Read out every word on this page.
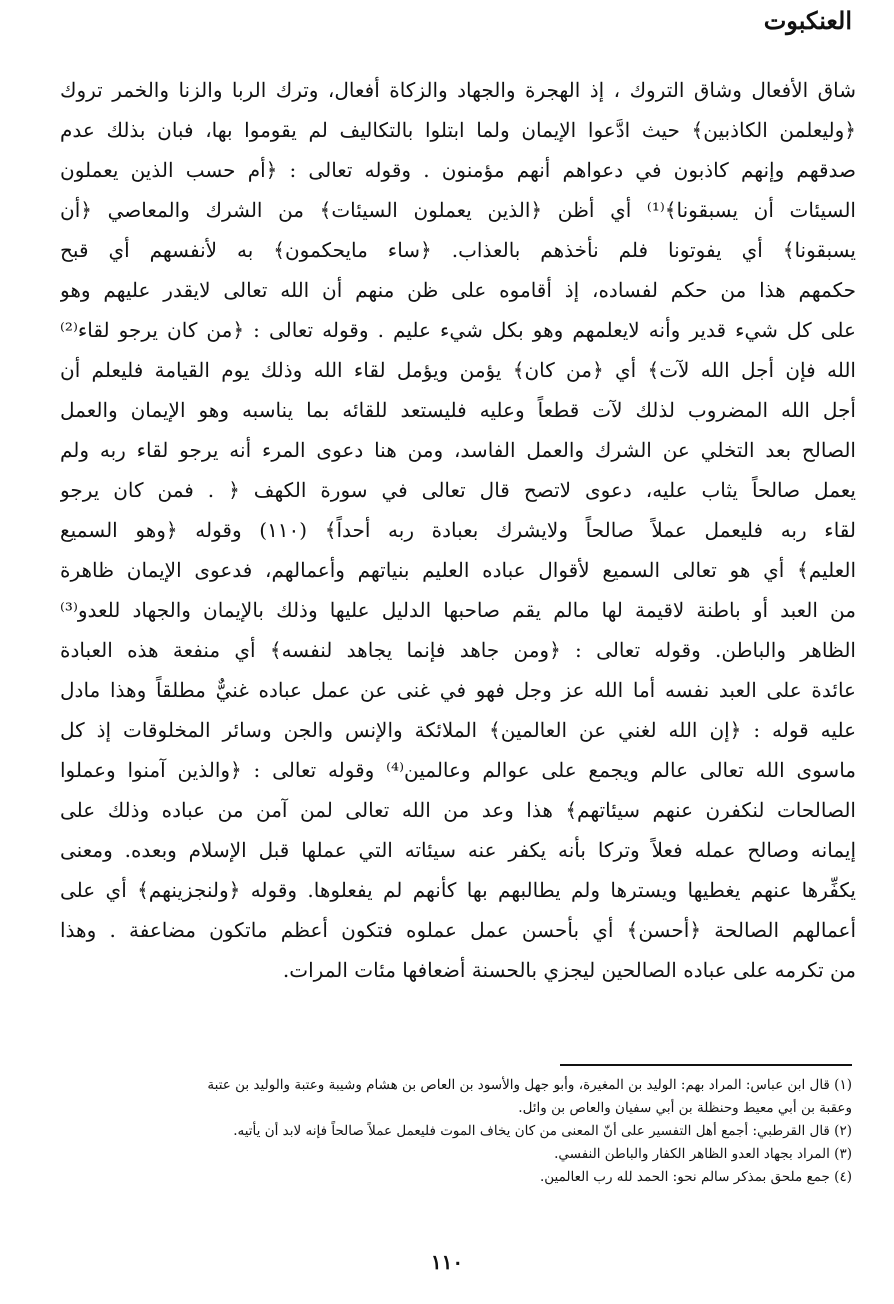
العنكبوت
شاق الأفعال وشاق التروك ، إذ الهجرة والجهاد والزكاة أفعال، وترك الربا والزنا والخمر تروك
﴿وليعلمن الكاذبين﴾ حيث ادَّعوا الإيمان ولما ابتلوا بالتكاليف لم يقوموا بها، فبان بذلك عدم
صدقهم وإنهم كاذبون في دعواهم أنهم مؤمنون . وقوله تعالى : ﴿أم حسب الذين يعملون
السيئات أن يسبقونا﴾⁽¹⁾ أي أظن ﴿الذين يعملون السيئات﴾ من الشرك والمعاصي ﴿أن
يسبقونا﴾ أي يفوتونا فلم نأخذهم بالعذاب. ﴿ساء مايحكمون﴾ به لأنفسهم أي قبح
حكمهم هذا من حكم لفساده، إذ أقاموه على ظن منهم أن الله تعالى لايقدر عليهم وهو
على كل شيء قدير وأنه لايعلمهم وهو بكل شيء عليم . وقوله تعالى : ﴿من كان يرجو لقاء⁽²⁾
الله فإن أجل الله لآت﴾ أي ﴿من كان﴾ يؤمن ويؤمل لقاء الله وذلك يوم القيامة فليعلم أن
أجل الله المضروب لذلك لآت قطعاً وعليه فليستعد للقائه بما يناسبه وهو الإيمان والعمل
الصالح بعد التخلي عن الشرك والعمل الفاسد، ومن هنا دعوى المرء أنه يرجو لقاء ربه ولم
يعمل صالحاً يثاب عليه، دعوى لاتصح قال تعالى في سورة الكهف ﴿ . فمن كان يرجو
لقاء ربه فليعمل عملاً صالحاً ولايشرك بعبادة ربه أحداً﴾ (١١٠) وقوله ﴿وهو السميع
العليم﴾ أي هو تعالى السميع لأقوال عباده العليم بنياتهم وأعمالهم، فدعوى الإيمان ظاهرة
من العبد أو باطنة لاقيمة لها مالم يقم صاحبها الدليل عليها وذلك بالإيمان والجهاد للعدو⁽³⁾
الظاهر والباطن. وقوله تعالى : ﴿ومن جاهد فإنما يجاهد لنفسه﴾ أي منفعة هذه العبادة
عائدة على العبد نفسه أما الله عز وجل فهو في غنى عن عمل عباده غنيٌّ مطلقاً وهذا مادل
عليه قوله : ﴿إن الله لغني عن العالمين﴾ الملائكة والإنس والجن وسائر المخلوقات إذ كل
ماسوى الله تعالى عالم ويجمع على عوالم وعالمين⁽⁴⁾ وقوله تعالى : ﴿والذين آمنوا وعملوا
الصالحات لنكفرن عنهم سيئاتهم﴾ هذا وعد من الله تعالى لمن آمن من عباده وذلك على
إيمانه وصالح عمله فعلاً وتركا بأنه يكفر عنه سيئاته التي عملها قبل الإسلام وبعده. ومعنى
يكفِّرها عنهم يغطيها ويسترها ولم يطالبهم بها كأنهم لم يفعلوها. وقوله ﴿ولنجزينهم﴾ أي على
أعمالهم الصالحة ﴿أحسن﴾ أي بأحسن عمل عملوه فتكون أعظم ماتكون مضاعفة . وهذا
من تكرمه على عباده الصالحين ليجزي بالحسنة أضعافها مئات المرات.
(١) قال ابن عباس: المراد بهم: الوليد بن المغيرة، وأبو جهل والأسود بن العاص بن هشام وشيبة وعتبة والوليد بن عتبة
وعقبة بن أبي معيط وحنظلة بن أبي سفيان والعاص بن وائل.
(٢) قال القرطبي: أجمع أهل التفسير على أنّ المعنى من كان يخاف الموت فليعمل عملاً صالحاً فإنه لابد أن يأتيه.
(٣) المراد بجهاد العدو الظاهر الكفار والباطن النفسي.
(٤) جمع ملحق بمذكر سالم نحو: الحمد لله رب العالمين.
١١٠
